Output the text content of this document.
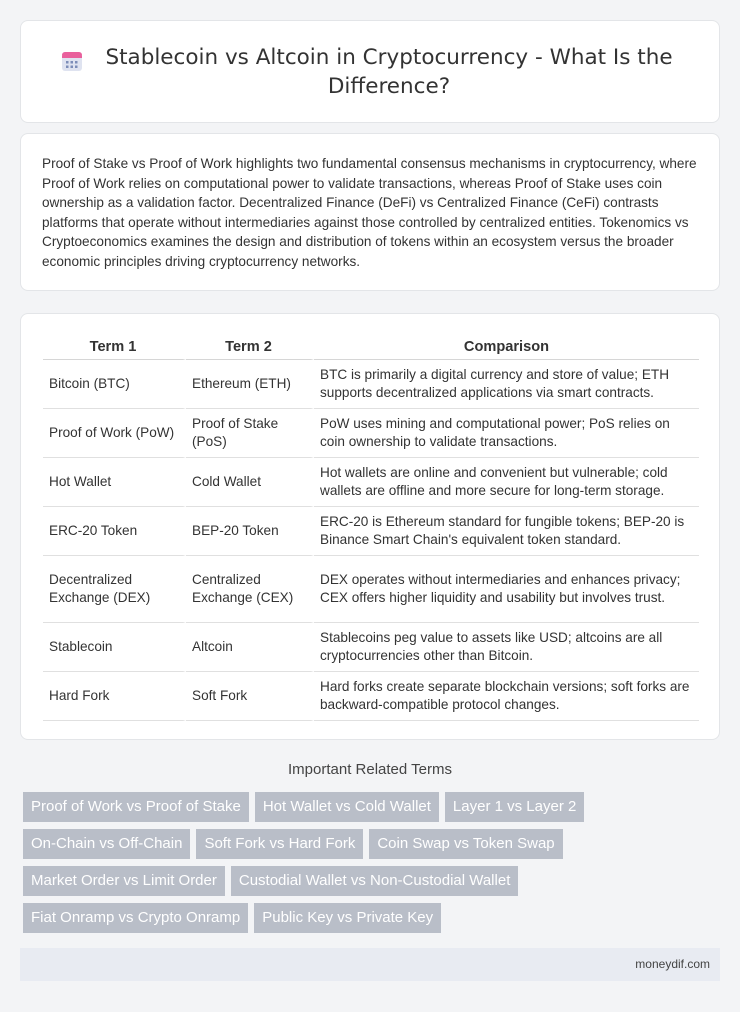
Stablecoin vs Altcoin in Cryptocurrency - What Is the Difference?

Proof of Stake vs Proof of Work highlights two fundamental consensus mechanisms in cryptocurrency, where Proof of Work relies on computational power to validate transactions, whereas Proof of Stake uses coin ownership as a validation factor. Decentralized Finance (DeFi) vs Centralized Finance (CeFi) contrasts platforms that operate without intermediaries against those controlled by centralized entities. Tokenomics vs Cryptoeconomics examines the design and distribution of tokens within an ecosystem versus the broader economic principles driving cryptocurrency networks.

Term 1	Term 2	Comparison
Bitcoin (BTC)	Ethereum (ETH)	BTC is primarily a digital currency and store of value; ETH supports decentralized applications via smart contracts.
Proof of Work (PoW)	Proof of Stake (PoS)	PoW uses mining and computational power; PoS relies on coin ownership to validate transactions.
Hot Wallet	Cold Wallet	Hot wallets are online and convenient but vulnerable; cold wallets are offline and more secure for long-term storage.
ERC-20 Token	BEP-20 Token	ERC-20 is Ethereum standard for fungible tokens; BEP-20 is Binance Smart Chain's equivalent token standard.
Decentralized Exchange (DEX)	Centralized Exchange (CEX)	DEX operates without intermediaries and enhances privacy; CEX offers higher liquidity and usability but involves trust.
Stablecoin	Altcoin	Stablecoins peg value to assets like USD; altcoins are all cryptocurrencies other than Bitcoin.
Hard Fork	Soft Fork	Hard forks create separate blockchain versions; soft forks are backward-compatible protocol changes.
Important Related Terms
Proof of Work vs Proof of Stake	Hot Wallet vs Cold Wallet	Layer 1 vs Layer 2
On-Chain vs Off-Chain	Soft Fork vs Hard Fork	Coin Swap vs Token Swap
Market Order vs Limit Order	Custodial Wallet vs Non-Custodial Wallet
Fiat Onramp vs Crypto Onramp	Public Key vs Private Key
moneydif.com
